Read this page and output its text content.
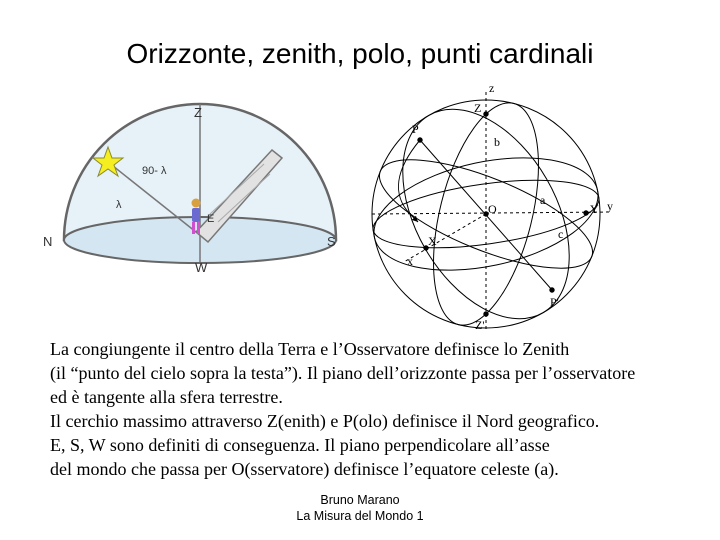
Orizzonte, zenith, polo, punti cardinali
Z
90- λ
λ
E
N	S
W
z
Z
P
b
a
O	Y y
X	c
x
P'
Z'
La congiungente il centro della Terra e l’Osservatore definisce lo Zenith
(il “punto del cielo sopra la testa”). Il piano dell’orizzonte passa per l’osservatore
ed è tangente alla sfera terrestre.
Il cerchio massimo attraverso Z(enith) e P(olo) definisce il Nord geografico.
E, S, W sono definiti di conseguenza. Il piano perpendicolare all’asse
del mondo che passa per O(sservatore) definisce l’equatore celeste (a).
Bruno Marano
La Misura del Mondo 1
